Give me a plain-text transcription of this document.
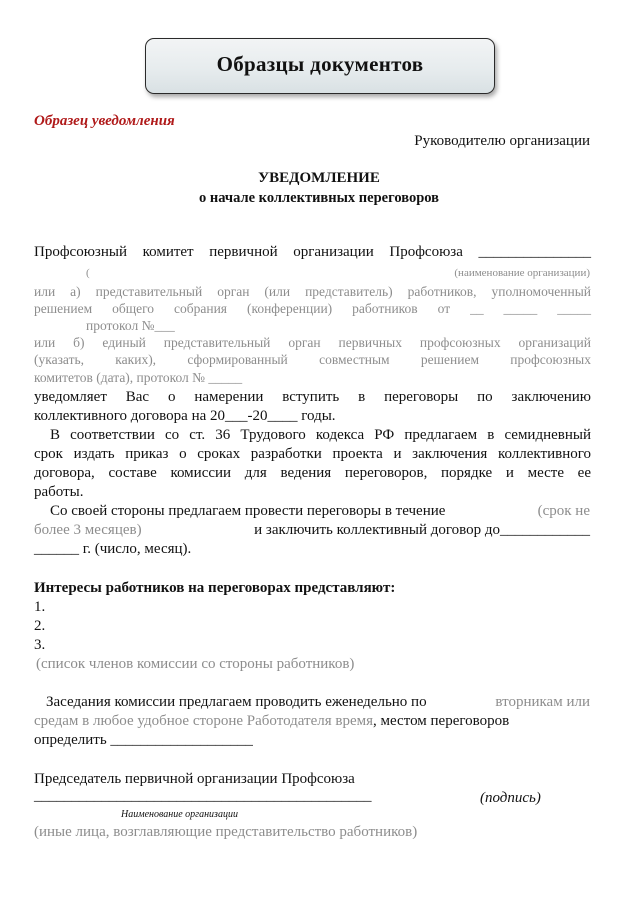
Образцы документов
Образец уведомления
Руководителю организации
УВЕДОМЛЕНИЕ
о начале коллективных переговоров
Профсоюзный комитет первичной организации Профсоюза _______________
(	(наименование организации)
или а) представительный орган (или представитель) работников, уполномоченный
решением общего собрания (конференции) работников от __ _____ _____
протокол №___
или б) единый представительный орган первичных профсоюзных организаций
(указать, каких), сформированный совместным решением профсоюзных
комитетов (дата), протокол № _____
уведомляет Вас о намерении вступить в переговоры по заключению
коллективного договора на 20___-20____ годы.
В соответствии со ст. 36 Трудового кодекса РФ предлагаем в семидневный
срок издать приказ о сроках разработки проекта и заключения коллективного
договора, составе комиссии для ведения переговоров, порядке и месте ее
работы.
Со своей стороны предлагаем провести переговоры в течение	(срок не
более 3 месяцев)	и заключить коллективный договор до____________
______ г. (число, месяц).
Интересы работников на переговорах представляют:
1.
2.
3.
(список членов комиссии со стороны работников)
Заседания комиссии предлагаем проводить еженедельно по	вторникам или
средам в любое удобное стороне Работодателя время, местом переговоров
определить ___________________
Председатель первичной организации Профсоюза
_____________________________________________	(подпись)
Наименование организации
(иные лица, возглавляющие представительство работников)
